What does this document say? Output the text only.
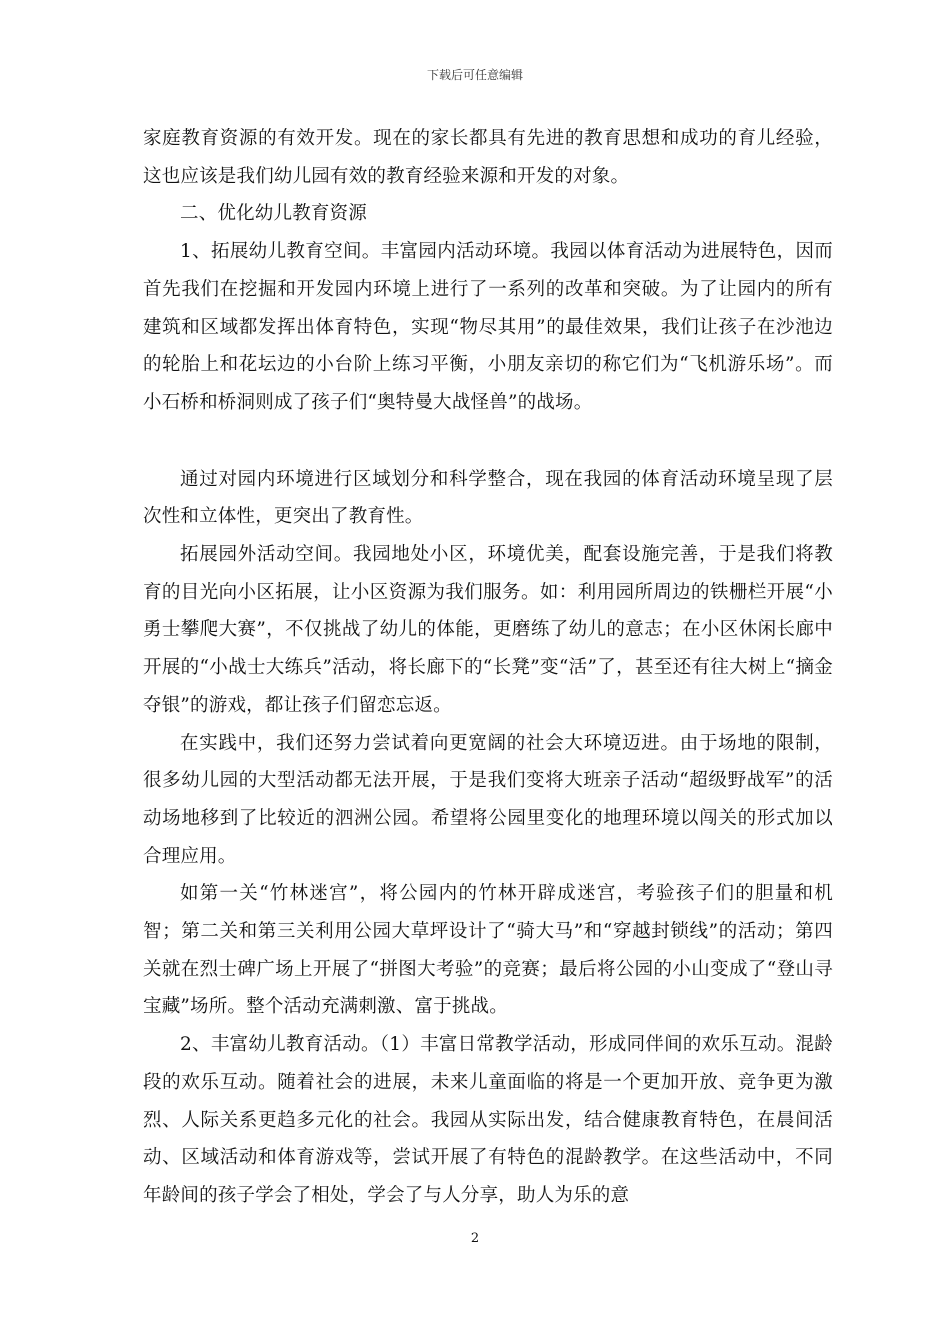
下载后可任意编辑

家庭教育资源的有效开发。现在的家长都具有先进的教育思想和成功的育儿经验，这也应该是我们幼儿园有效的教育经验来源和开发的对象。

二、优化幼儿教育资源

1、拓展幼儿教育空间。丰富园内活动环境。我园以体育活动为进展特色，因而首先我们在挖掘和开发园内环境上进行了一系列的改革和突破。为了让园内的所有建筑和区域都发挥出体育特色，实现“物尽其用”的最佳效果，我们让孩子在沙池边的轮胎上和花坛边的小台阶上练习平衡，小朋友亲切的称它们为“飞机游乐场”。而小石桥和桥洞则成了孩子们“奥特曼大战怪兽”的战场。

通过对园内环境进行区域划分和科学整合，现在我园的体育活动环境呈现了层次性和立体性，更突出了教育性。

拓展园外活动空间。我园地处小区，环境优美，配套设施完善，于是我们将教育的目光向小区拓展，让小区资源为我们服务。如：利用园所周边的铁栅栏开展“小勇士攀爬大赛”，不仅挑战了幼儿的体能，更磨练了幼儿的意志；在小区休闲长廊中开展的“小战士大练兵”活动，将长廊下的“长凳”变“活”了，甚至还有往大树上“摘金夺银”的游戏，都让孩子们留恋忘返。

在实践中，我们还努力尝试着向更宽阔的社会大环境迈进。由于场地的限制，很多幼儿园的大型活动都无法开展，于是我们变将大班亲子活动“超级野战军”的活动场地移到了比较近的泗洲公园。希望将公园里变化的地理环境以闯关的形式加以合理应用。

如第一关“竹林迷宫”，将公园内的竹林开辟成迷宫，考验孩子们的胆量和机智；第二关和第三关利用公园大草坪设计了“骑大马”和“穿越封锁线”的活动；第四关就在烈士碑广场上开展了“拼图大考验”的竞赛；最后将公园的小山变成了“登山寻宝藏”场所。整个活动充满刺激、富于挑战。

2、丰富幼儿教育活动。（1）丰富日常教学活动，形成同伴间的欢乐互动。混龄段的欢乐互动。随着社会的进展，未来儿童面临的将是一个更加开放、竞争更为激烈、人际关系更趋多元化的社会。我园从实际出发，结合健康教育特色，在晨间活动、区域活动和体育游戏等，尝试开展了有特色的混龄教学。在这些活动中，不同年龄间的孩子学会了相处，学会了与人分享，助人为乐的意

2
